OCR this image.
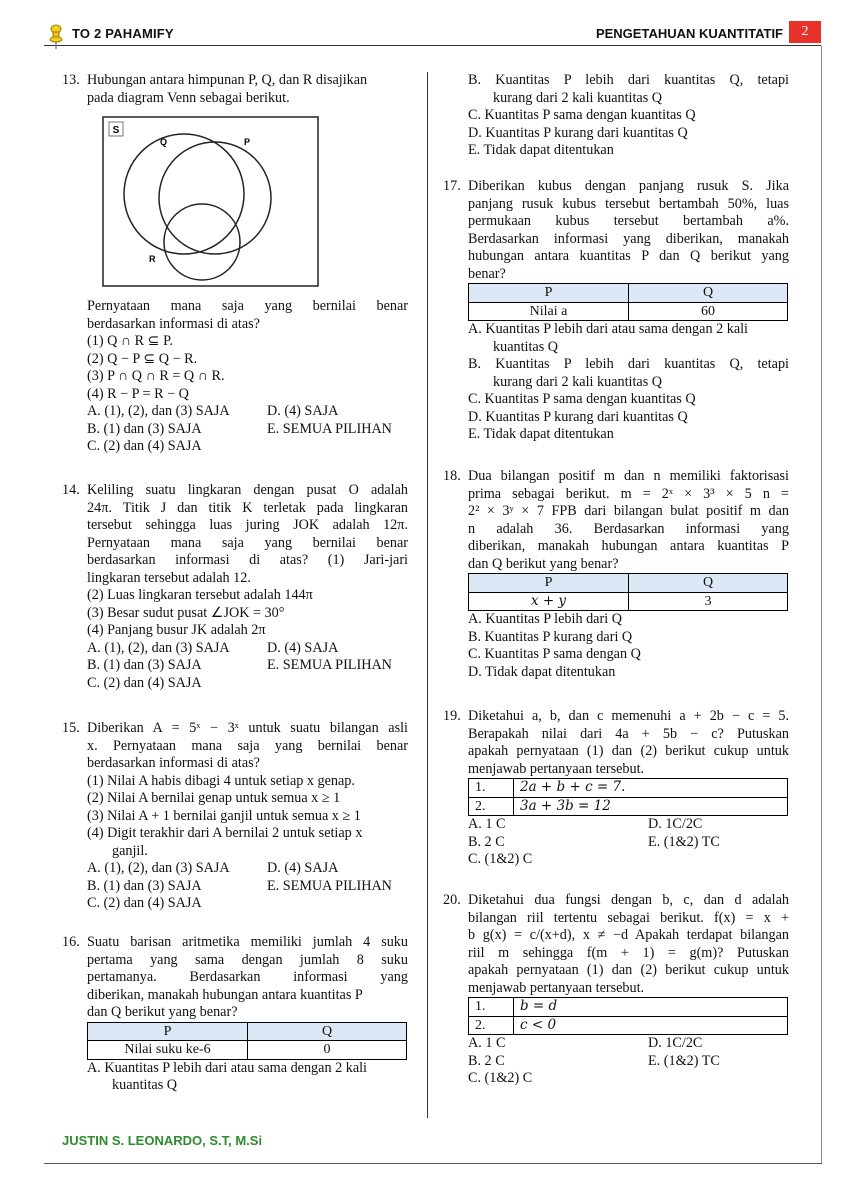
TO 2 PAHAMIFY	PENGETAHUAN KUANTITATIF	2
JUSTIN S. LEONARDO, S.T, M.Si
13. Hubungan antara himpunan P, Q, dan R disajikan
pada diagram Venn sebagai berikut.
S
Q	P
R
Pernyataan mana saja yang bernilai benar
berdasarkan informasi di atas?
(1) Q ∩ R ⊆ P.
(2) Q − P ⊆ Q − R.
(3) P ∩ Q ∩ R = Q ∩ R.
(4) R − P = R − Q
A. (1), (2), dan (3) SAJA	D. (4) SAJA
B. (1) dan (3) SAJA	E. SEMUA PILIHAN
C. (2) dan (4) SAJA
14. Keliling suatu lingkaran dengan pusat O adalah
24π. Titik J dan titik K terletak pada lingkaran
tersebut sehingga luas juring JOK adalah 12π.
Pernyataan mana saja yang bernilai benar
berdasarkan informasi di atas? (1) Jari-jari
lingkaran tersebut adalah 12.
(2) Luas lingkaran tersebut adalah 144π
(3) Besar sudut pusat ∠JOK = 30°
(4) Panjang busur JK adalah 2π
A. (1), (2), dan (3) SAJA	D. (4) SAJA
B. (1) dan (3) SAJA	E. SEMUA PILIHAN
C. (2) dan (4) SAJA
15. Diberikan A = 5ˣ − 3ˣ untuk suatu bilangan asli
x. Pernyataan mana saja yang bernilai benar
berdasarkan informasi di atas?
(1) Nilai A habis dibagi 4 untuk setiap x genap.
(2) Nilai A bernilai genap untuk semua x ≥ 1
(3) Nilai A + 1 bernilai ganjil untuk semua x ≥ 1
(4) Digit terakhir dari A bernilai 2 untuk setiap x
ganjil.
A. (1), (2), dan (3) SAJA	D. (4) SAJA
B. (1) dan (3) SAJA	E. SEMUA PILIHAN
C. (2) dan (4) SAJA
16. Suatu barisan aritmetika memiliki jumlah 4 suku
pertama yang sama dengan jumlah 8 suku
pertamanya. Berdasarkan informasi yang
diberikan, manakah hubungan antara kuantitas P
dan Q berikut yang benar?
P	Q
Nilai suku ke-6	0
A. Kuantitas P lebih dari atau sama dengan 2 kali
kuantitas Q
B. Kuantitas P lebih dari kuantitas Q, tetapi
kurang dari 2 kali kuantitas Q
C. Kuantitas P sama dengan kuantitas Q
D. Kuantitas P kurang dari kuantitas Q
E. Tidak dapat ditentukan
17. Diberikan kubus dengan panjang rusuk S. Jika
panjang rusuk kubus tersebut bertambah 50%, luas
permukaan kubus tersebut bertambah a%.
Berdasarkan informasi yang diberikan, manakah
hubungan antara kuantitas P dan Q berikut yang
benar?
P	Q
Nilai a	60
A. Kuantitas P lebih dari atau sama dengan 2 kali
kuantitas Q
B. Kuantitas P lebih dari kuantitas Q, tetapi
kurang dari 2 kali kuantitas Q
C. Kuantitas P sama dengan kuantitas Q
D. Kuantitas P kurang dari kuantitas Q
E. Tidak dapat ditentukan
18. Dua bilangan positif m dan n memiliki faktorisasi
prima sebagai berikut. m = 2ˣ × 3³ × 5 n =
2² × 3ʸ × 7 FPB dari bilangan bulat positif m dan
n adalah 36. Berdasarkan informasi yang
diberikan, manakah hubungan antara kuantitas P
dan Q berikut yang benar?
P	Q
x + y	3
A. Kuantitas P lebih dari Q
B. Kuantitas P kurang dari Q
C. Kuantitas P sama dengan Q
D. Tidak dapat ditentukan
19. Diketahui a, b, dan c memenuhi a + 2b − c = 5.
Berapakah nilai dari 4a + 5b − c? Putuskan
apakah pernyataan (1) dan (2) berikut cukup untuk
menjawab pertanyaan tersebut.
1.	2a + b + c = 7.
2.	3a + 3b = 12
A. 1 C	D. 1C/2C
B. 2 C	E. (1&2) TC
C. (1&2) C
20. Diketahui dua fungsi dengan b, c, dan d adalah
bilangan riil tertentu sebagai berikut. f(x) = x +
b g(x) = c/(x+d), x ≠ −d Apakah terdapat bilangan
riil m sehingga f(m + 1) = g(m)? Putuskan
apakah pernyataan (1) dan (2) berikut cukup untuk
menjawab pertanyaan tersebut.
1.	b = d
2.	c < 0
A. 1 C	D. 1C/2C
B. 2 C	E. (1&2) TC
C. (1&2) C
